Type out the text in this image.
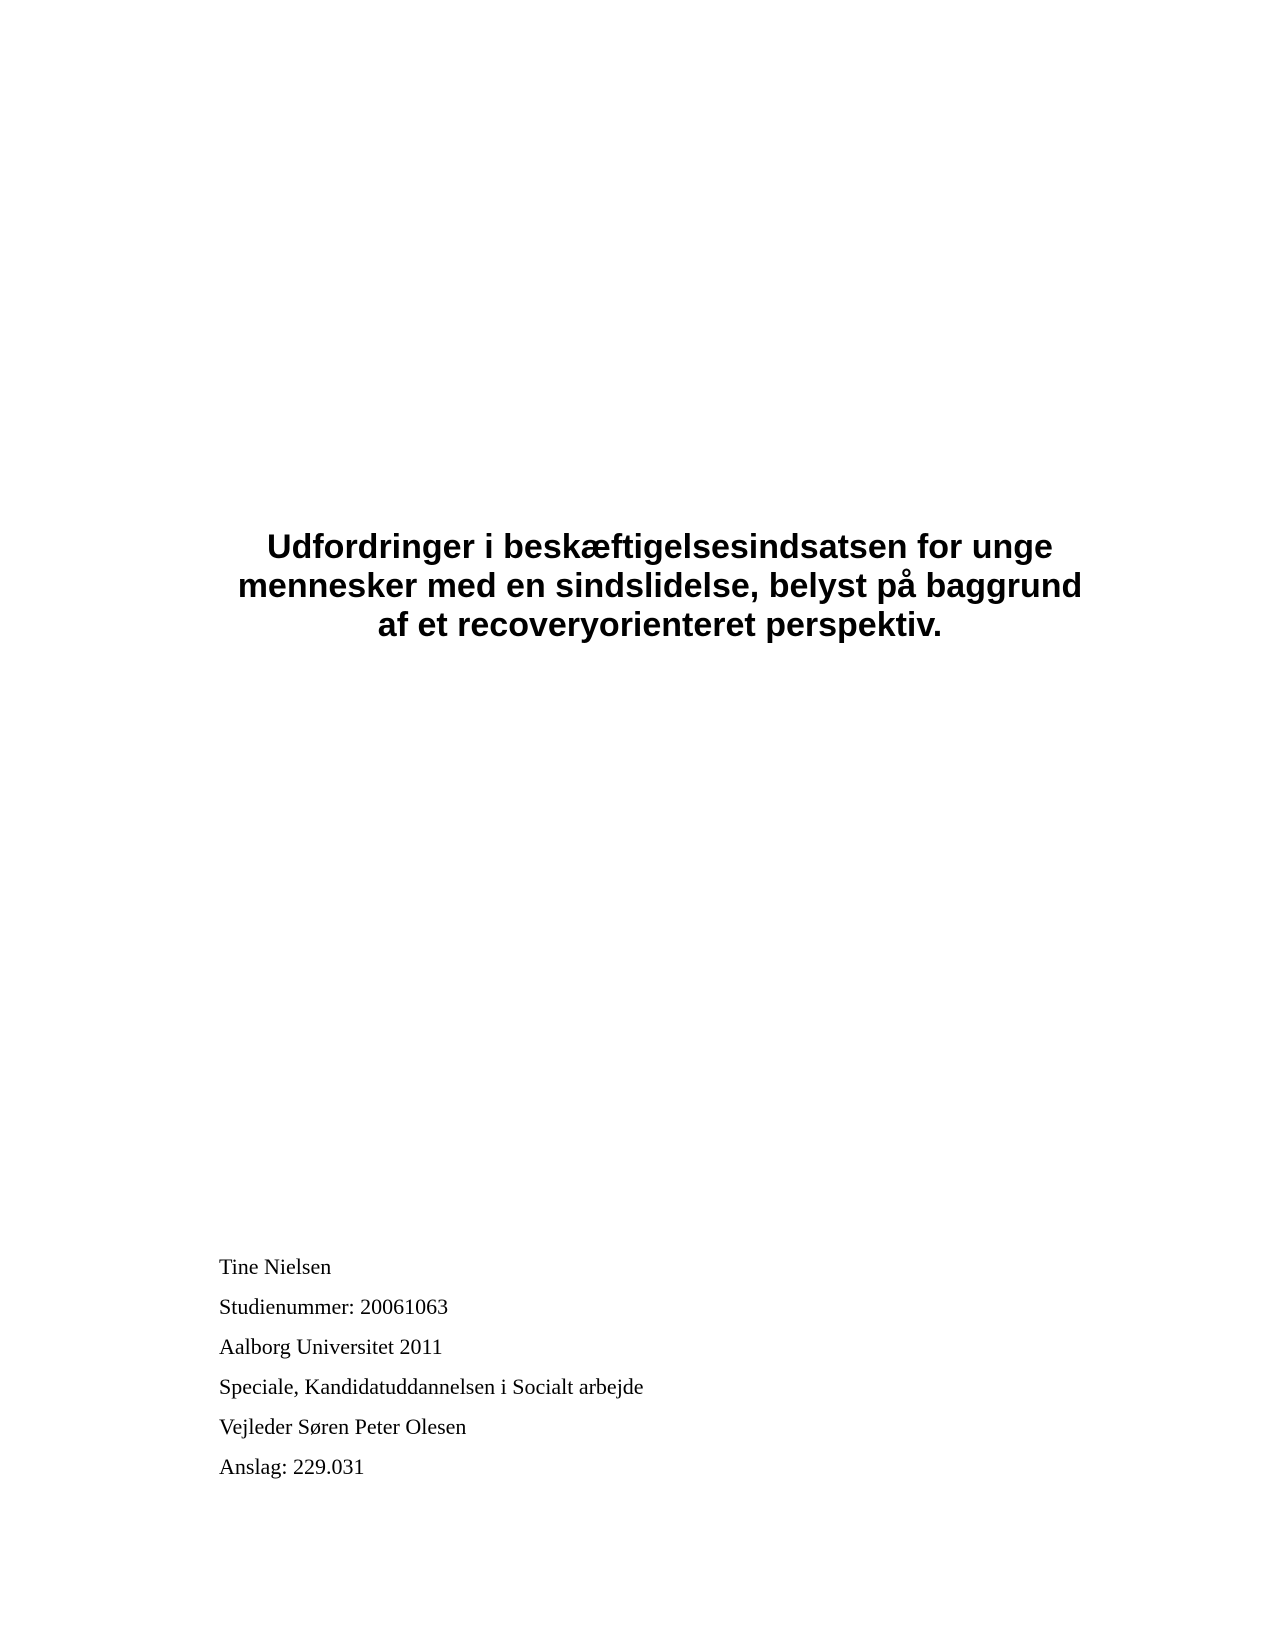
Udfordringer i beskæftigelsesindsatsen for unge
mennesker med en sindslidelse, belyst på baggrund
af et recoveryorienteret perspektiv.
Tine Nielsen
Studienummer: 20061063
Aalborg Universitet 2011
Speciale, Kandidatuddannelsen i Socialt arbejde
Vejleder Søren Peter Olesen
Anslag: 229.031
